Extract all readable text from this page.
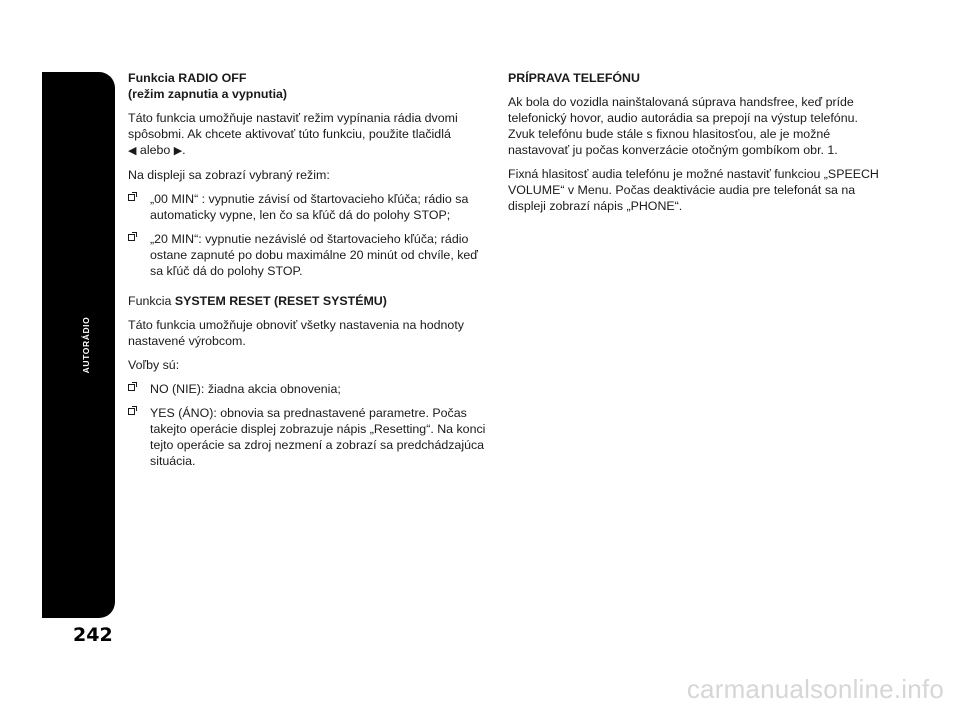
AUTORÁDIO
242
carmanualsonline.info

Funkcia RADIO OFF
(režim zapnutia a vypnutia)

Táto funkcia umožňuje nastaviť režim vypínania rádia dvomi spôsobmi. Ak chcete aktivovať túto funkciu, použite tlačidlá
◀ alebo ▶.

Na displeji sa zobrazí vybraný režim:

„00 MIN“ : vypnutie závisí od štartovacieho kľúča; rádio sa automaticky vypne, len čo sa kľúč dá do polohy STOP;
„20 MIN“: vypnutie nezávislé od štartovacieho kľúča; rádio ostane zapnuté po dobu maximálne 20 minút od chvíle, keď sa kľúč dá do polohy STOP.

Funkcia SYSTEM RESET (RESET SYSTÉMU)

Táto funkcia umožňuje obnoviť všetky nastavenia na hodnoty nastavené výrobcom.

Voľby sú:

NO (NIE): žiadna akcia obnovenia;
YES (ÁNO): obnovia sa prednastavené parametre. Počas takejto operácie displej zobrazuje nápis „Resetting“. Na konci tejto operácie sa zdroj nezmení a zobrazí sa predchádzajúca situácia.

PRÍPRAVA TELEFÓNU

Ak bola do vozidla nainštalovaná súprava handsfree, keď príde telefonický hovor, audio autorádia sa prepojí na výstup telefónu. Zvuk telefónu bude stále s fixnou hlasitosťou, ale je možné nastavovať ju počas konverzácie otočným gombíkom obr. 1.

Fixná hlasitosť audia telefónu je možné nastaviť funkciou „SPEECH VOLUME“ v Menu. Počas deaktivácie audia pre telefonát sa na displeji zobrazí nápis „PHONE“.
